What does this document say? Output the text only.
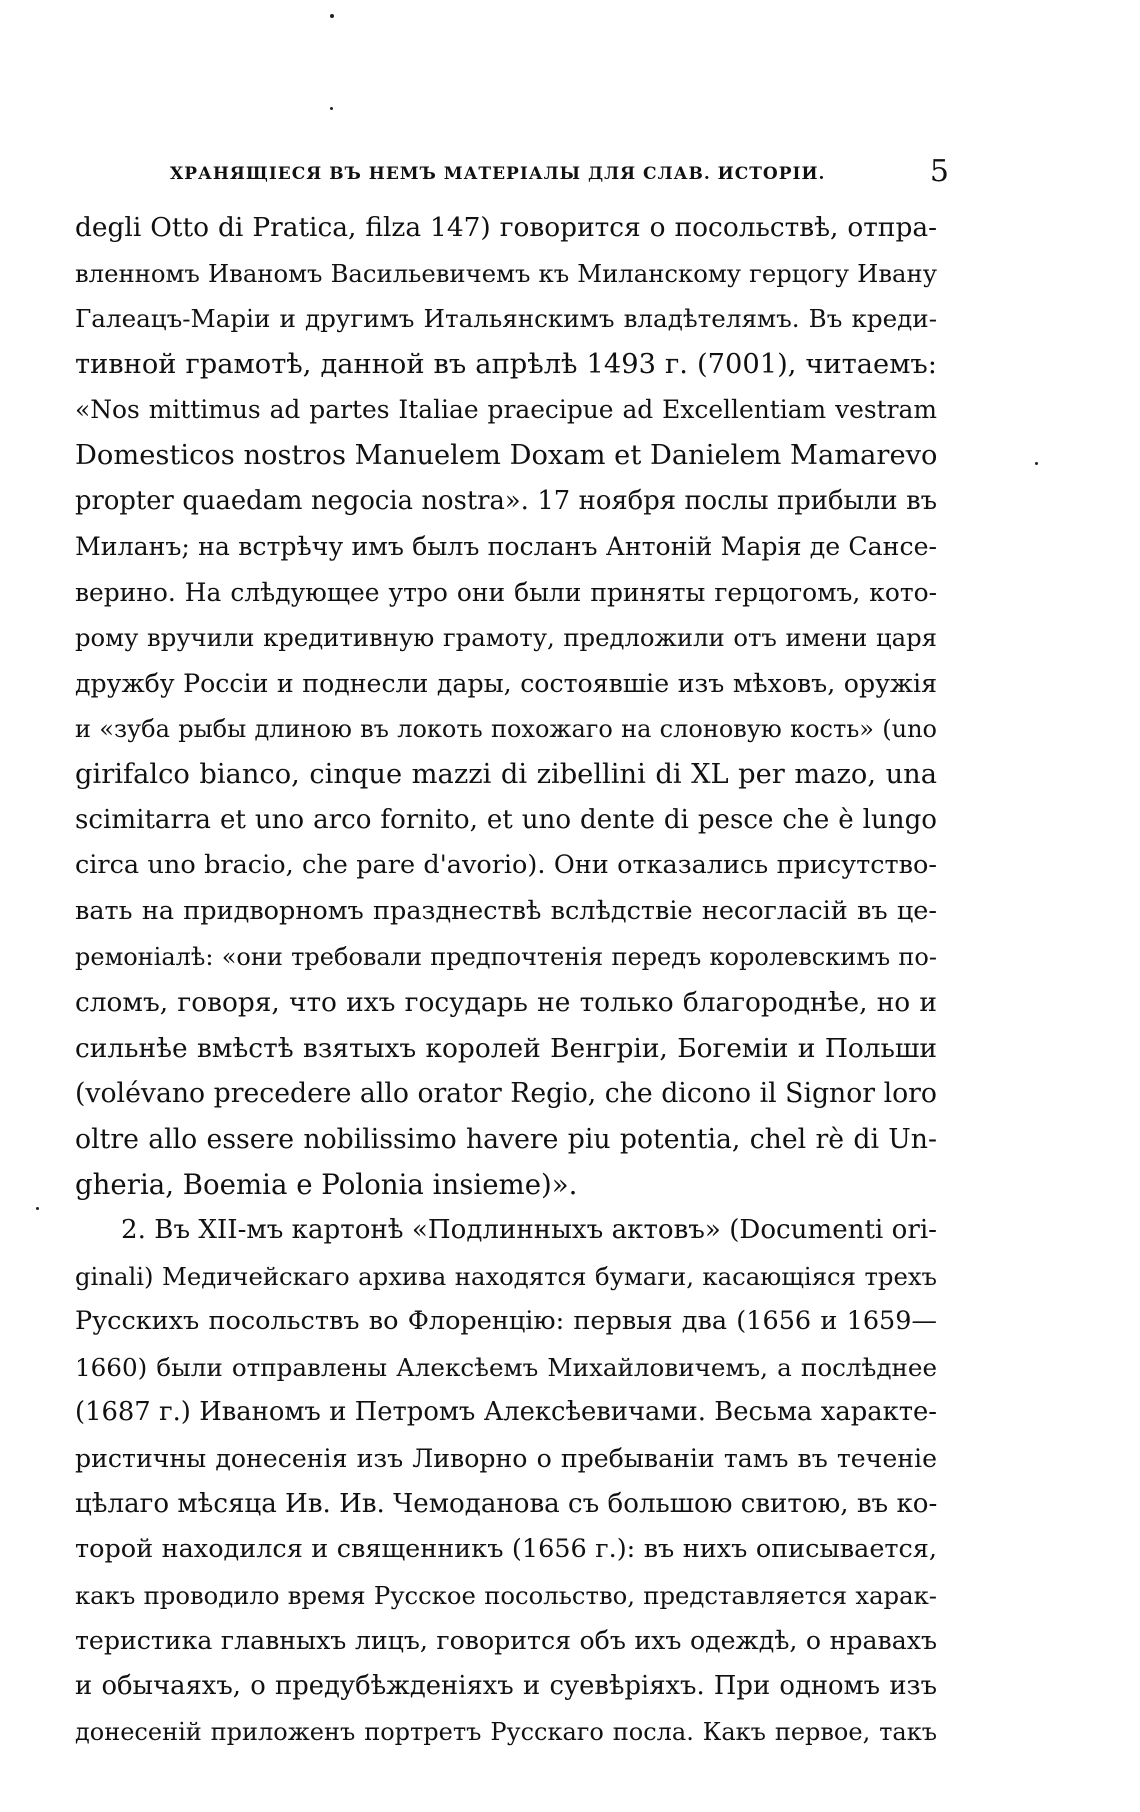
ХРАНЯЩІЕСЯ ВЪ НЕМЪ МАТЕРІАЛЫ ДЛЯ СЛАВ. ИСТОРІИ.	5
degli Otto di Pratica, filza 147) говорится о посольствѣ, отпра-
вленномъ Иваномъ Васильевичемъ къ Миланскому герцогу Ивану
Галеацъ-Маріи и другимъ Итальянскимъ владѣтелямъ. Въ креди-
тивной грамотѣ, данной въ апрѣлѣ 1493 г. (7001), читаемъ:
«Nos mittimus ad partes Italiae praecipue ad Excellentiam vestram
Domesticos nostros Manuelem Doxam et Danielem Mamarevo
propter quaedam negocia nostra». 17 ноября послы прибыли въ
Миланъ; на встрѣчу имъ былъ посланъ Антоній Марія де Сансе-
верино. На слѣдующее утро они были приняты герцогомъ, кото-
рому вручили кредитивную грамоту, предложили отъ имени царя
дружбу Россіи и поднесли дары, состоявшіе изъ мѣховъ, оружія
и «зуба рыбы длиною въ локоть похожаго на слоновую кость» (uno
girifalco bianco, cinque mazzi di zibellini di XL per mazo, una
scimitarra et uno arco fornito, et uno dente di pesce che è lungo
circa uno bracio, che pare d'avorio). Они отказались присутство-
вать на придворномъ празднествѣ вслѣдствіе несогласій въ це-
ремоніалѣ: «они требовали предпочтенія передъ королевскимъ по-
сломъ, говоря, что ихъ государь не только благороднѣе, но и
сильнѣе вмѣстѣ взятыхъ королей Венгріи, Богеміи и Польши
(volévano precedere allo orator Regio, che dicono il Signor loro
oltre allo essere nobilissimo havere piu potentia, chel rè di Un-
gheria, Boemia e Polonia insieme)».
2. Въ XII-мъ картонѣ «Подлинныхъ актовъ» (Documenti ori-
ginali) Медичейскаго архива находятся бумаги, касающіяся трехъ
Русскихъ посольствъ во Флоренцію: первыя два (1656 и 1659—
1660) были отправлены Алексѣемъ Михайловичемъ, а послѣднее
(1687 г.) Иваномъ и Петромъ Алексѣевичами. Весьма характе-
ристичны донесенія изъ Ливорно о пребываніи тамъ въ теченіе
цѣлаго мѣсяца Ив. Ив. Чемоданова съ большою свитою, въ ко-
торой находился и священникъ (1656 г.): въ нихъ описывается,
какъ проводило время Русское посольство, представляется харак-
теристика главныхъ лицъ, говорится объ ихъ одеждѣ, о нравахъ
и обычаяхъ, о предубѣжденіяхъ и суевѣріяхъ. При одномъ изъ
донесеній приложенъ портретъ Русскаго посла. Какъ первое, такъ
